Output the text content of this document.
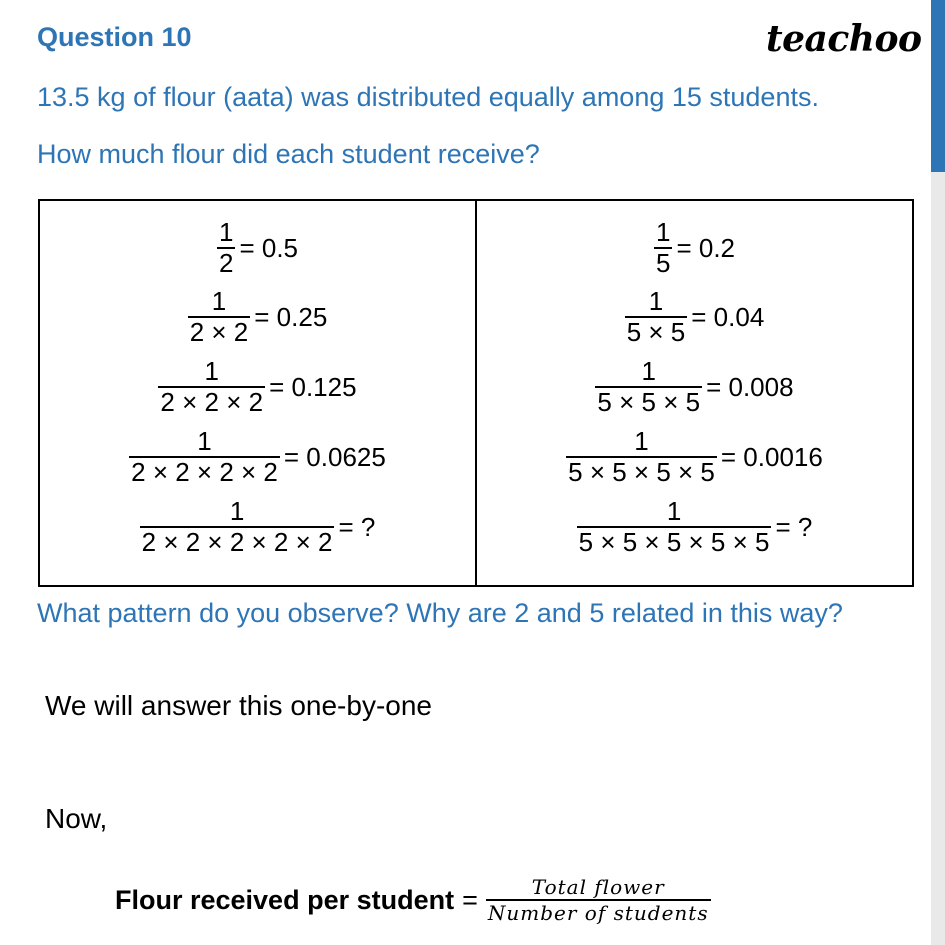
Question 10	teachoo
13.5 kg of flour (aata) was distributed equally among 15 students.
How much flour did each student receive?
$\frac{1}{2} = 0.5$
$\frac{1}{2 \times 2} = 0.25$
$\frac{1}{2 \times 2 \times 2} = 0.125$
$\frac{1}{2 \times 2 \times 2 \times 2} = 0.0625$
$\frac{1}{2 \times 2 \times 2 \times 2 \times 2}$ = ?
$\frac{1}{5} = 0.2$
$\frac{1}{5 \times 5} = 0.04$
$\frac{1}{5 \times 5 \times 5} = 0.008$
$\frac{1}{5 \times 5 \times 5 \times 5} = 0.0016$
$\frac{1}{5 \times 5 \times 5 \times 5 \times 5}$ = ?
What pattern do you observe? Why are 2 and 5 related in this way?
We will answer this one-by-one
Now,
Flour received per student =	Total flower
Number of students
